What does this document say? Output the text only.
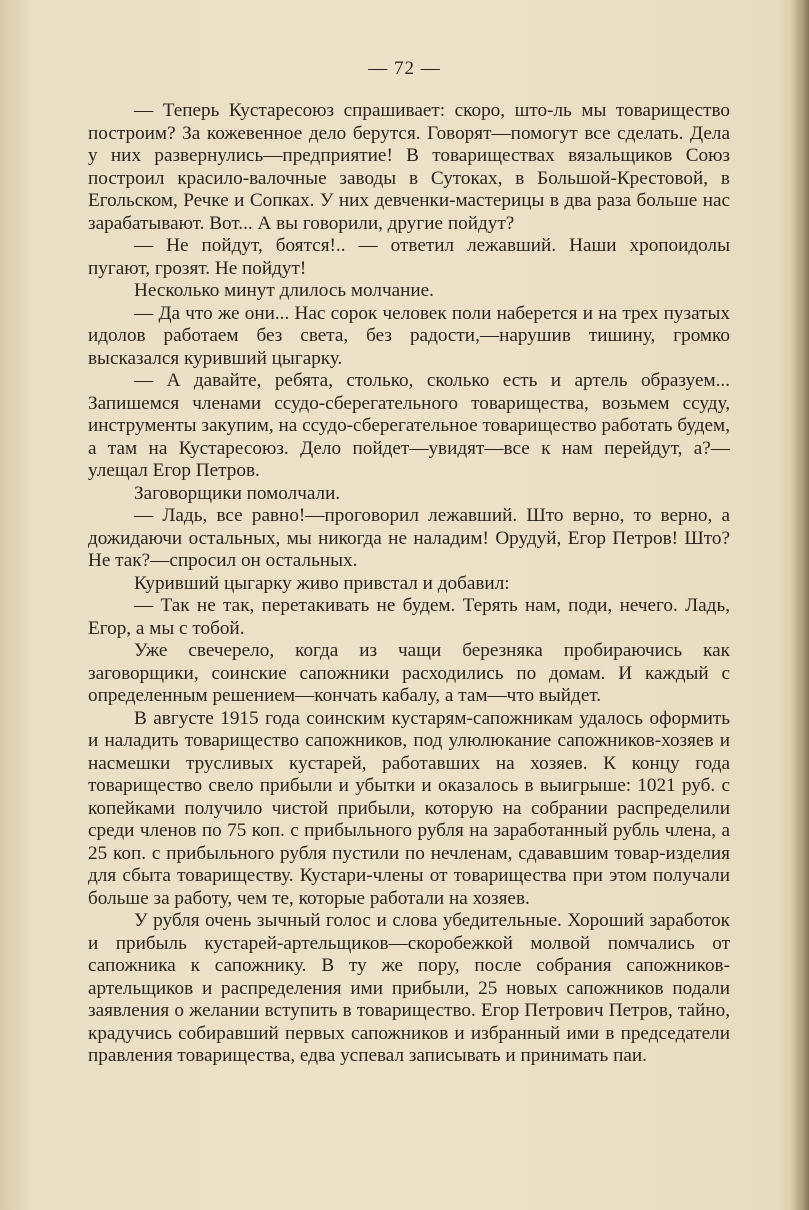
— 72 —

— Теперь Кустаресоюз спрашивает: скоро, што-ль мы товарищество построим? За кожевенное дело берутся. Говорят—помогут все сделать. Дела у них развернулись—предприятие! В товариществах вязальщиков Союз построил красило-валочные заводы в Сутоках, в Большой-Крестовой, в Егольском, Речке и Сопках. У них девченки-мастерицы в два раза больше нас зарабатывают. Вот... А вы говорили, другие пойдут?

— Не пойдут, боятся!.. — ответил лежавший. Наши хропоидолы пугают, грозят. Не пойдут!

Несколько минут длилось молчание.

— Да что же они... Нас сорок человек поли наберется и на трех пузатых идолов работаем без света, без радости,—нарушив тишину, громко высказался куривший цыгарку.

— А давайте, ребята, столько, сколько есть и артель образуем... Запишемся членами ссудо-сберегательного товарищества, возьмем ссуду, инструменты закупим, на ссудо-сберегательное товарищество работать будем, а там на Кустаресоюз. Дело пойдет—увидят—все к нам перейдут, а?—улещал Егор Петров.

Заговорщики помолчали.

— Ладь, все равно!—проговорил лежавший. Што верно, то верно, а дожидаючи остальных, мы никогда не наладим! Орудуй, Егор Петров! Што? Не так?—спросил он остальных.

Куривший цыгарку живо привстал и добавил:

— Так не так, перетакивать не будем. Терять нам, поди, нечего. Ладь, Егор, а мы с тобой.

Уже свечерело, когда из чащи березняка пробираючись как заговорщики, соинские сапожники расходились по домам. И каждый с определенным решением—кончать кабалу, а там—что выйдет.

В августе 1915 года соинским кустарям-сапожникам удалось оформить и наладить товарищество сапожников, под улюлюкание сапожников-хозяев и насмешки трусливых кустарей, работавших на хозяев. К концу года товарищество свело прибыли и убытки и оказалось в выигрыше: 1021 руб. с копейками получило чистой прибыли, которую на собрании распределили среди членов по 75 коп. с прибыльного рубля на заработанный рубль члена, а 25 коп. с прибыльного рубля пустили по нечленам, сдававшим товар-изделия для сбыта товариществу. Кустари-члены от товарищества при этом получали больше за работу, чем те, которые работали на хозяев.

У рубля очень зычный голос и слова убедительные. Хороший заработок и прибыль кустарей-артельщиков—скоробежкой молвой помчались от сапожника к сапожнику. В ту же пору, после собрания сапожников-артельщиков и распределения ими прибыли, 25 новых сапожников подали заявления о желании вступить в товарищество. Егор Петрович Петров, тайно, крадучись собиравший первых сапожников и избранный ими в председатели правления товарищества, едва успевал записывать и принимать паи.
